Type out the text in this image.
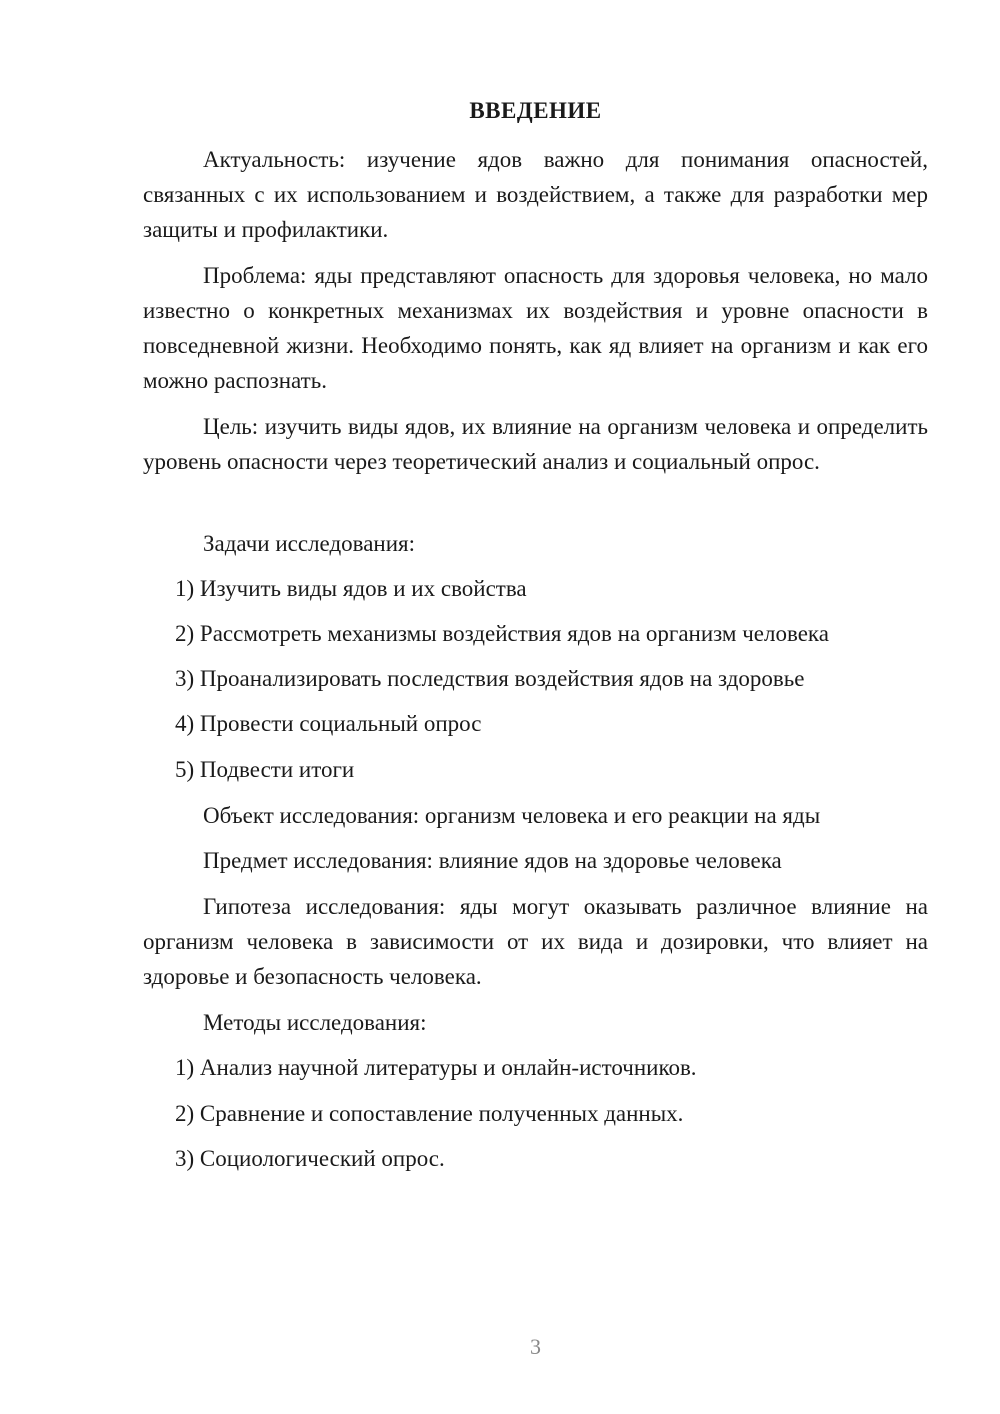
ВВЕДЕНИЕ

Актуальность: изучение ядов важно для понимания опасностей, связанных с их использованием и воздействием, а также для разработки мер защиты и профилактики.

Проблема: яды представляют опасность для здоровья человека, но мало известно о конкретных механизмах их воздействия и уровне опасности в повседневной жизни. Необходимо понять, как яд влияет на организм и как его можно распознать.

Цель: изучить виды ядов, их влияние на организм человека и определить уровень опасности через теоретический анализ и социальный опрос.

Задачи исследования:

1) Изучить виды ядов и их свойства

2) Рассмотреть механизмы воздействия ядов на организм человека

3) Проанализировать последствия воздействия ядов на здоровье

4) Провести социальный опрос

5) Подвести итоги

Объект исследования: организм человека и его реакции на яды

Предмет исследования: влияние ядов на здоровье человека

Гипотеза исследования: яды могут оказывать различное влияние на организм человека в зависимости от их вида и дозировки, что влияет на здоровье и безопасность человека.

Методы исследования:

1) Анализ научной литературы и онлайн-источников.

2) Сравнение и сопоставление полученных данных.

3) Социологический опрос.

3
